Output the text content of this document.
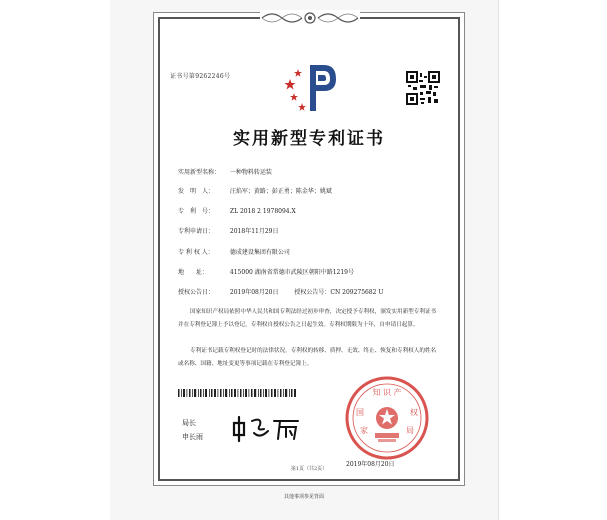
证书号第9262246号
实用新型专利证书
实用新型名称： 一种物料转运装
发　明　人：	汪焰军；黄路；彭正勇；陈金华；姚斌
专　利　号：	ZL 2018 2 1978094.X
专利申请日：	2018年11月29日
专 利 权 人：	德成建设集团有限公司
地　　址：	415000 湖南省常德市武陵区朝阳中路1219号
授权公告日：	2019年08月20日	授权公告号：CN 209275682 U
国家知识产权局依照中华人民共和国专利法经过初步审查，决定授予专利权，颁发实用新型专利证书并在专利登记簿上予以登记。专利权自授权公告之日起生效。专利权期限为十年，自申请日起算。
专利证书记载专利权登记时的法律状况。专利权的转移、质押、无效、终止、恢复和专利权人的姓名或名称、国籍、地址变更等事项记载在专利登记簿上。
知 识 产
国	权
家	局
2019年08月20日
局长
申长雨
第1页（共2页）
其他事项参见背面
